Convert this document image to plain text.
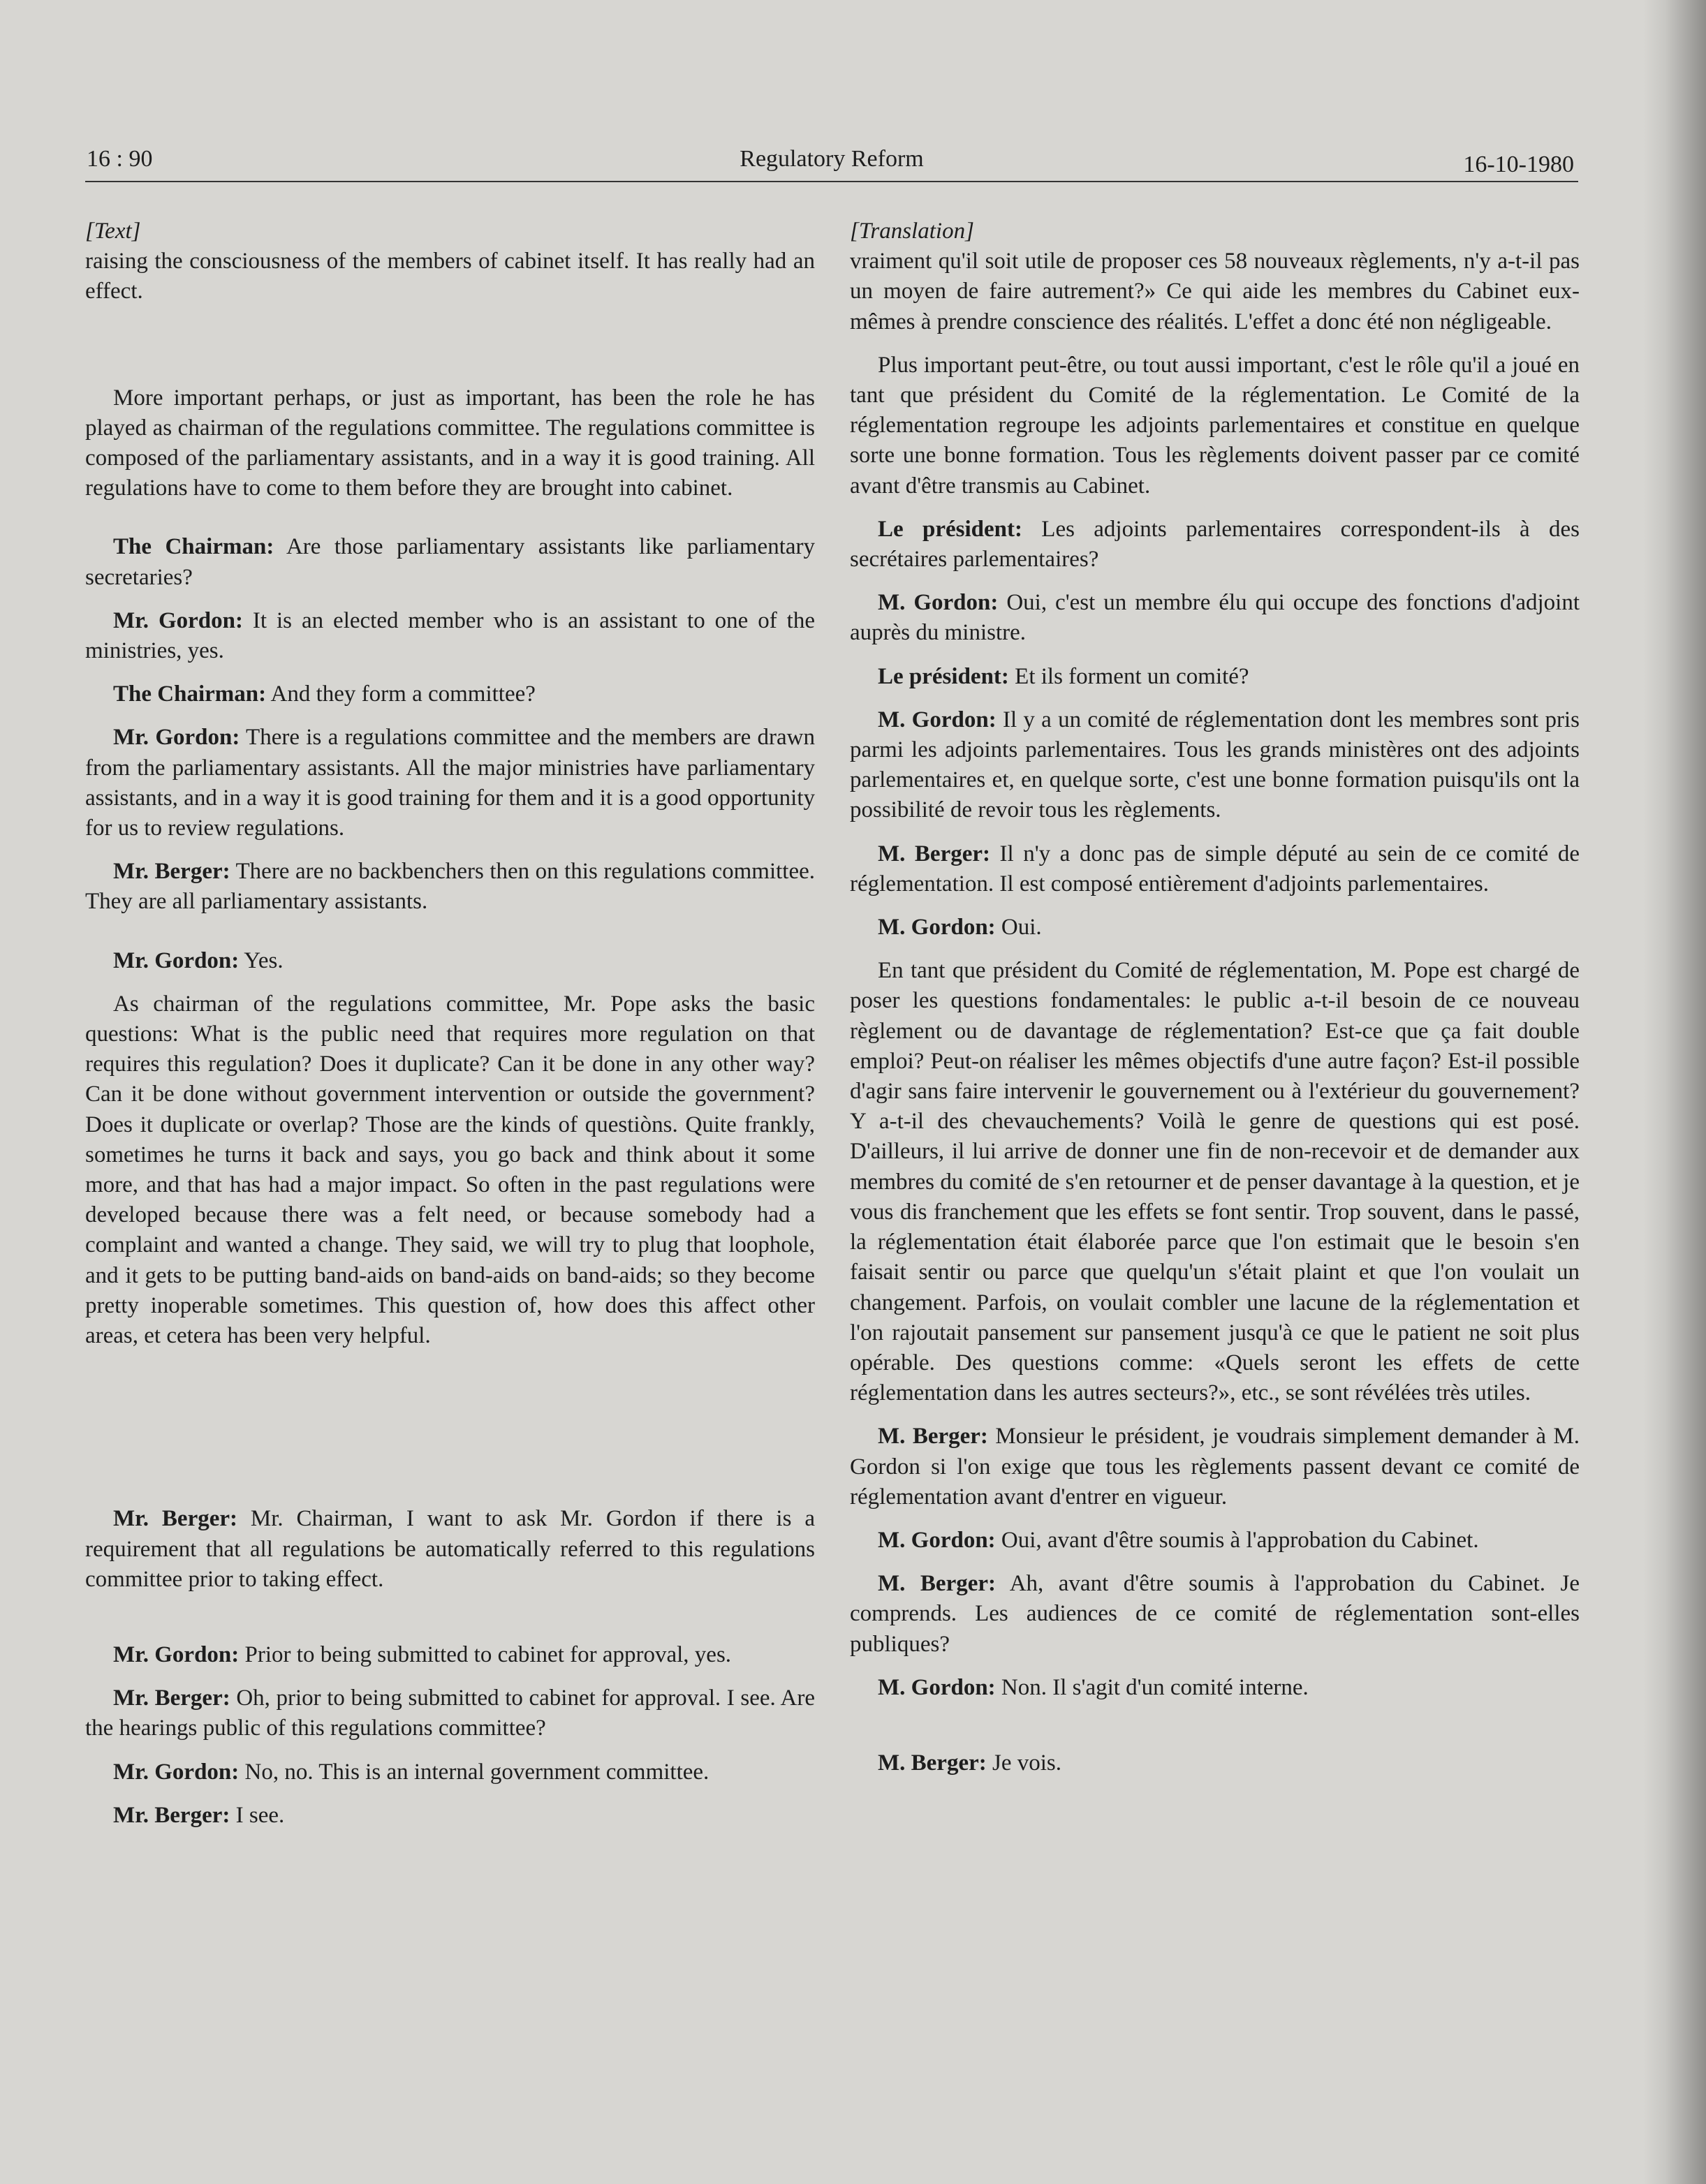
16 : 90	Regulatory Reform	16-10-1980

[Text]

raising the consciousness of the members of cabinet itself. It has really had an effect.

More important perhaps, or just as important, has been the role he has played as chairman of the regulations committee. The regulations committee is composed of the parliamentary assistants, and in a way it is good training. All regulations have to come to them before they are brought into cabinet.

The Chairman: Are those parliamentary assistants like parliamentary secretaries?

Mr. Gordon: It is an elected member who is an assistant to one of the ministries, yes.

The Chairman: And they form a committee?

Mr. Gordon: There is a regulations committee and the members are drawn from the parliamentary assistants. All the major ministries have parliamentary assistants, and in a way it is good training for them and it is a good opportunity for us to review regulations.

Mr. Berger: There are no backbenchers then on this regulations committee. They are all parliamentary assistants.

Mr. Gordon: Yes.

As chairman of the regulations committee, Mr. Pope asks the basic questions: What is the public need that requires more regulation on that requires this regulation? Does it duplicate? Can it be done in any other way? Can it be done without government intervention or outside the government? Does it duplicate or overlap? Those are the kinds of questiòns. Quite frankly, sometimes he turns it back and says, you go back and think about it some more, and that has had a major impact. So often in the past regulations were developed because there was a felt need, or because somebody had a complaint and wanted a change. They said, we will try to plug that loophole, and it gets to be putting band-aids on band-aids on band-aids; so they become pretty inoperable sometimes. This question of, how does this affect other areas, et cetera has been very helpful.

Mr. Berger: Mr. Chairman, I want to ask Mr. Gordon if there is a requirement that all regulations be automatically referred to this regulations committee prior to taking effect.

Mr. Gordon: Prior to being submitted to cabinet for approval, yes.

Mr. Berger: Oh, prior to being submitted to cabinet for approval. I see. Are the hearings public of this regulations committee?

Mr. Gordon: No, no. This is an internal government committee.

Mr. Berger: I see.

[Translation]

vraiment qu'il soit utile de proposer ces 58 nouveaux règlements, n'y a-t-il pas un moyen de faire autrement?» Ce qui aide les membres du Cabinet eux-mêmes à prendre conscience des réalités. L'effet a donc été non négligeable.

Plus important peut-être, ou tout aussi important, c'est le rôle qu'il a joué en tant que président du Comité de la réglementation. Le Comité de la réglementation regroupe les adjoints parlementaires et constitue en quelque sorte une bonne formation. Tous les règlements doivent passer par ce comité avant d'être transmis au Cabinet.

Le président: Les adjoints parlementaires correspondent-ils à des secrétaires parlementaires?

M. Gordon: Oui, c'est un membre élu qui occupe des fonctions d'adjoint auprès du ministre.

Le président: Et ils forment un comité?

M. Gordon: Il y a un comité de réglementation dont les membres sont pris parmi les adjoints parlementaires. Tous les grands ministères ont des adjoints parlementaires et, en quelque sorte, c'est une bonne formation puisqu'ils ont la possibilité de revoir tous les règlements.

M. Berger: Il n'y a donc pas de simple député au sein de ce comité de réglementation. Il est composé entièrement d'adjoints parlementaires.

M. Gordon: Oui.

En tant que président du Comité de réglementation, M. Pope est chargé de poser les questions fondamentales: le public a-t-il besoin de ce nouveau règlement ou de davantage de réglementation? Est-ce que ça fait double emploi? Peut-on réaliser les mêmes objectifs d'une autre façon? Est-il possible d'agir sans faire intervenir le gouvernement ou à l'extérieur du gouvernement? Y a-t-il des chevauchements? Voilà le genre de questions qui est posé. D'ailleurs, il lui arrive de donner une fin de non-recevoir et de demander aux membres du comité de s'en retourner et de penser davantage à la question, et je vous dis franchement que les effets se font sentir. Trop souvent, dans le passé, la réglementation était élaborée parce que l'on estimait que le besoin s'en faisait sentir ou parce que quelqu'un s'était plaint et que l'on voulait un changement. Parfois, on voulait combler une lacune de la réglementation et l'on rajoutait pansement sur pansement jusqu'à ce que le patient ne soit plus opérable. Des questions comme: «Quels seront les effets de cette réglementation dans les autres secteurs?», etc., se sont révélées très utiles.

M. Berger: Monsieur le président, je voudrais simplement demander à M. Gordon si l'on exige que tous les règlements passent devant ce comité de réglementation avant d'entrer en vigueur.

M. Gordon: Oui, avant d'être soumis à l'approbation du Cabinet.

M. Berger: Ah, avant d'être soumis à l'approbation du Cabinet. Je comprends. Les audiences de ce comité de réglementation sont-elles publiques?

M. Gordon: Non. Il s'agit d'un comité interne.

M. Berger: Je vois.
